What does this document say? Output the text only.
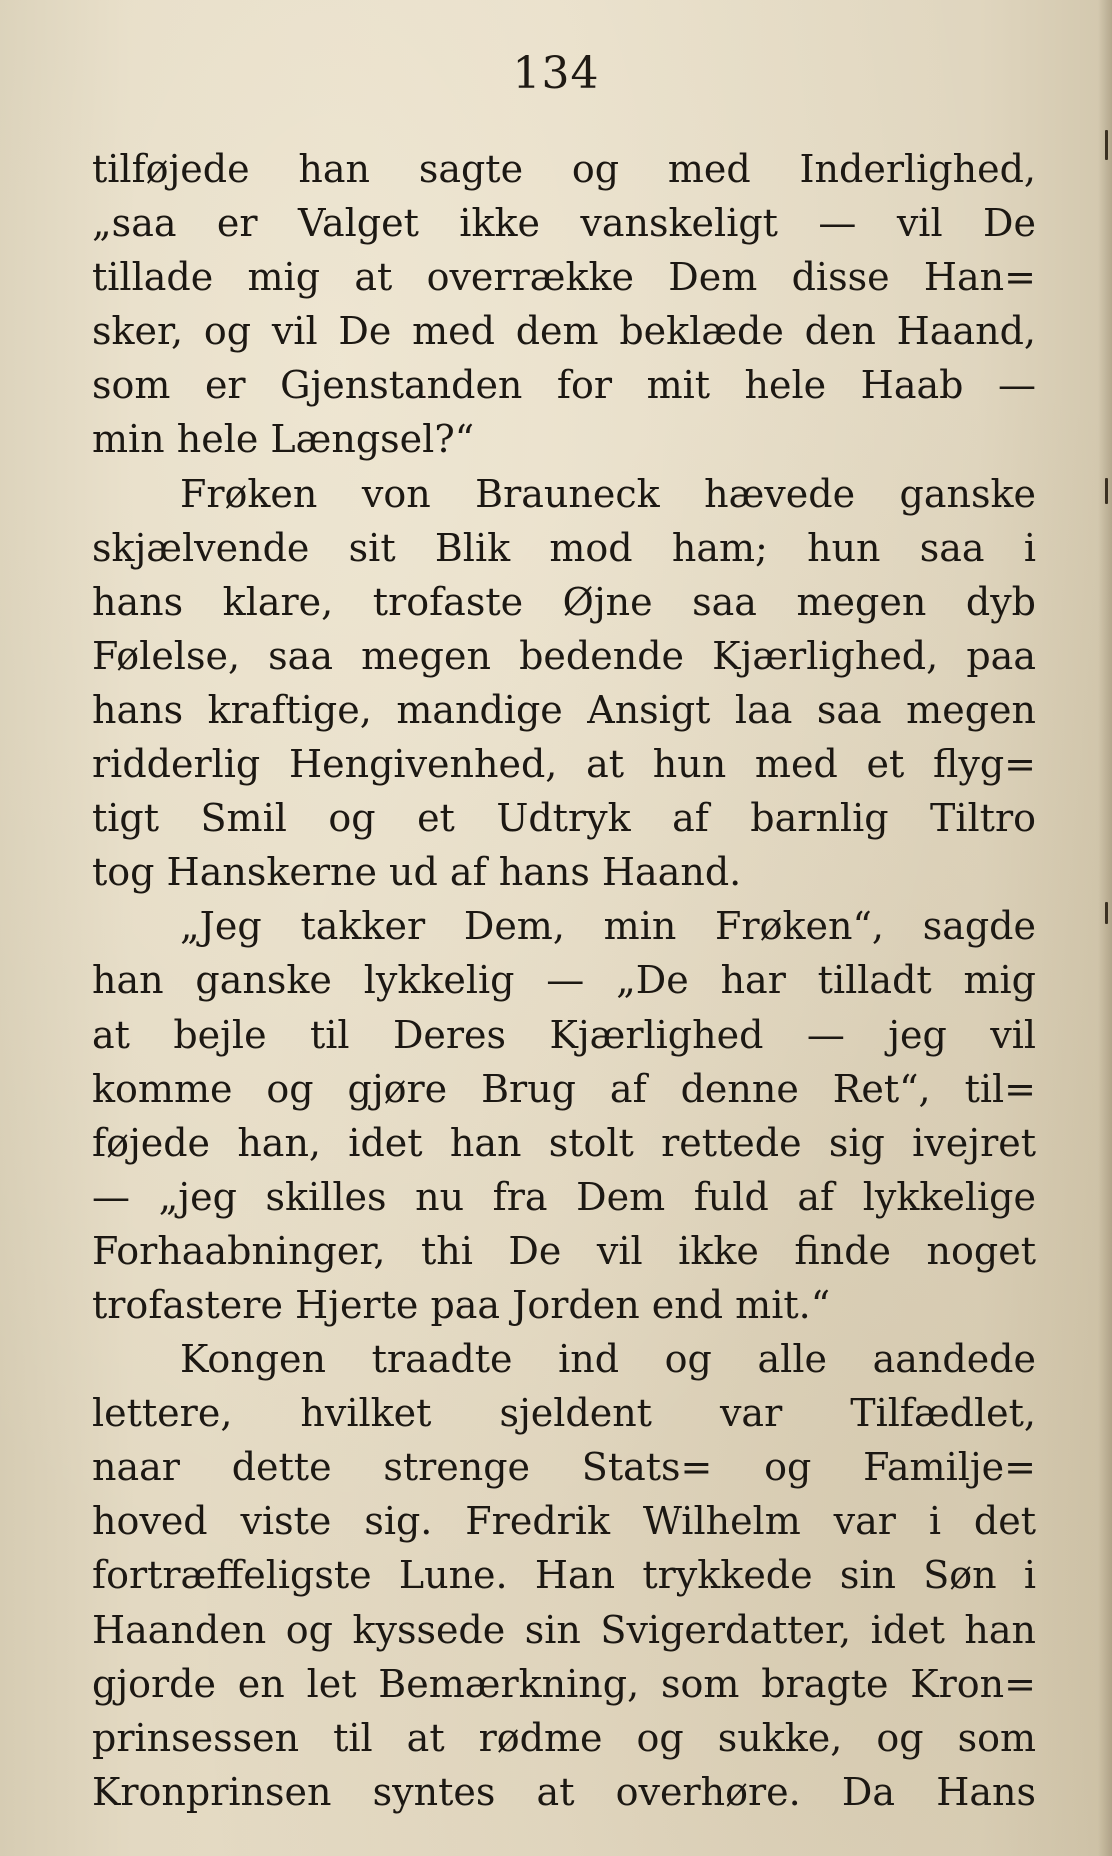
134
tilføjede han sagte og med Inderlighed,
„saa er Valget ikke vanskeligt — vil De
tillade mig at overrække Dem disse Han=
sker, og vil De med dem beklæde den Haand,
som er Gjenstanden for mit hele Haab —
min hele Længsel?“
Frøken von Brauneck hævede ganske
skjælvende sit Blik mod ham; hun saa i
hans klare, trofaste Øjne saa megen dyb
Følelse, saa megen bedende Kjærlighed, paa
hans kraftige, mandige Ansigt laa saa megen
ridderlig Hengivenhed, at hun med et flyg=
tigt Smil og et Udtryk af barnlig Tiltro
tog Hanskerne ud af hans Haand.
„Jeg takker Dem, min Frøken“, sagde
han ganske lykkelig — „De har tilladt mig
at bejle til Deres Kjærlighed — jeg vil
komme og gjøre Brug af denne Ret“, til=
føjede han, idet han stolt rettede sig ivejret
— „jeg skilles nu fra Dem fuld af lykkelige
Forhaabninger, thi De vil ikke finde noget
trofastere Hjerte paa Jorden end mit.“
Kongen traadte ind og alle aandede
lettere, hvilket sjeldent var Tilfædlet,
naar dette strenge Stats= og Familje=
hoved viste sig. Fredrik Wilhelm var i det
fortræffeligste Lune. Han trykkede sin Søn i
Haanden og kyssede sin Svigerdatter, idet han
gjorde en let Bemærkning, som bragte Kron=
prinsessen til at rødme og sukke, og som
Kronprinsen syntes at overhøre. Da Hans
